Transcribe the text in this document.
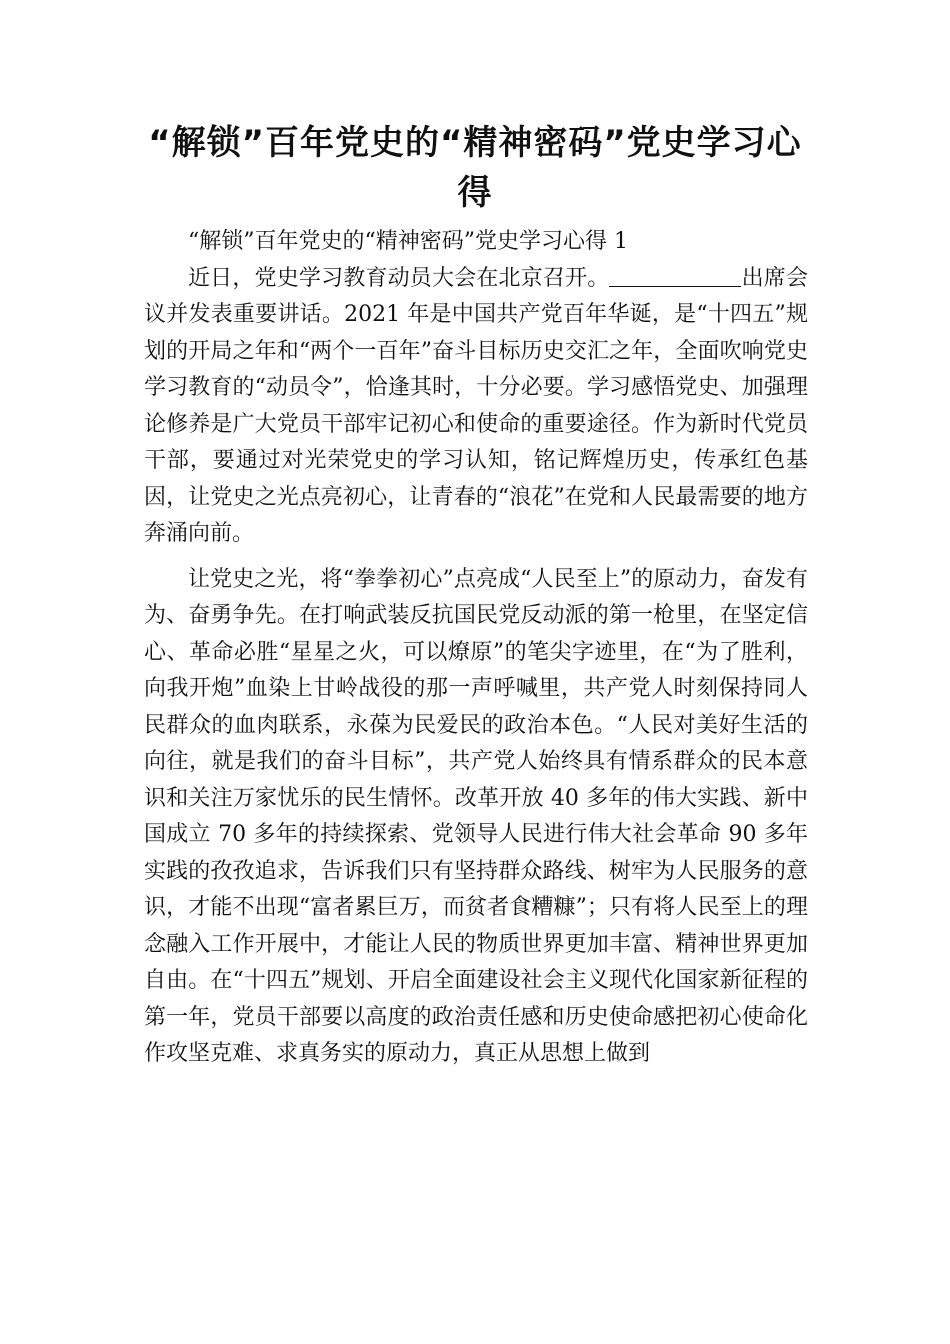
“解锁”百年党史的“精神密码”党史学习心得

“解锁”百年党史的“精神密码”党史学习心得 1

近日，党史学习教育动员大会在北京召开。	出席会议并发表重要讲话。2021 年是中国共产党百年华诞，是“十四五”规划的开局之年和“两个一百年”奋斗目标历史交汇之年，全面吹响党史学习教育的“动员令”，恰逢其时，十分必要。学习感悟党史、加强理论修养是广大党员干部牢记初心和使命的重要途径。作为新时代党员干部，要通过对光荣党史的学习认知，铭记辉煌历史，传承红色基因，让党史之光点亮初心，让青春的“浪花”在党和人民最需要的地方奔涌向前。

让党史之光，将“拳拳初心”点亮成“人民至上”的原动力，奋发有为、奋勇争先。在打响武装反抗国民党反动派的第一枪里，在坚定信心、革命必胜“星星之火，可以燎原”的笔尖字迹里，在“为了胜利，向我开炮”血染上甘岭战役的那一声呼喊里，共产党人时刻保持同人民群众的血肉联系，永葆为民爱民的政治本色。“人民对美好生活的向往，就是我们的奋斗目标”，共产党人始终具有情系群众的民本意识和关注万家忧乐的民生情怀。改革开放 40 多年的伟大实践、新中国成立 70 多年的持续探索、党领导人民进行伟大社会革命 90 多年实践的孜孜追求，告诉我们只有坚持群众路线、树牢为人民服务的意识，才能不出现“富者累巨万，而贫者食糟糠”；只有将人民至上的理念融入工作开展中，才能让人民的物质世界更加丰富、精神世界更加自由。在“十四五”规划、开启全面建设社会主义现代化国家新征程的第一年，党员干部要以高度的政治责任感和历史使命感把初心使命化作攻坚克难、求真务实的原动力，真正从思想上做到
